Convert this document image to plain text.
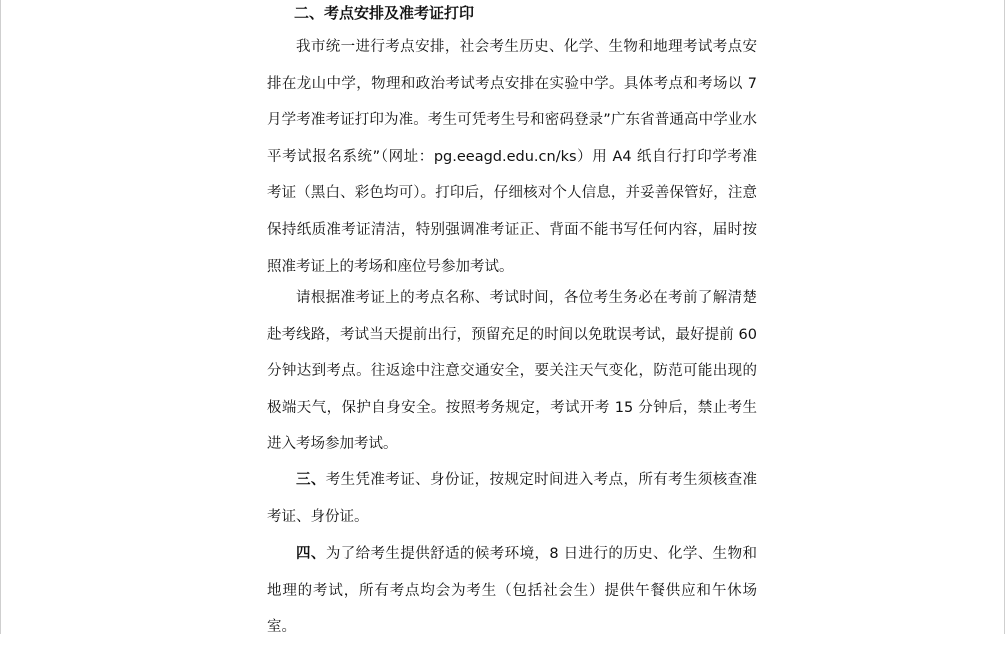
二、考点安排及准考证打印

我市统一进行考点安排，社会考生历史、化学、生物和地理考试考点安排在龙山中学，物理和政治考试考点安排在实验中学。具体考点和考场以 7 月学考准考证打印为准。考生可凭考生号和密码登录”广东省普通高中学业水平考试报名系统”（网址：pg.eeagd.edu.cn/ks）用 A4 纸自行打印学考准考证（黑白、彩色均可）。打印后，仔细核对个人信息，并妥善保管好，注意保持纸质准考证清洁，特别强调准考证正、背面不能书写任何内容，届时按照准考证上的考场和座位号参加考试。

请根据准考证上的考点名称、考试时间，各位考生务必在考前了解清楚赴考线路，考试当天提前出行，预留充足的时间以免耽误考试，最好提前 60 分钟达到考点。往返途中注意交通安全，要关注天气变化，防范可能出现的极端天气，保护自身安全。按照考务规定，考试开考 15 分钟后，禁止考生进入考场参加考试。

三、考生凭准考证、身份证，按规定时间进入考点，所有考生须核查准考证、身份证。

四、为了给考生提供舒适的候考环境，8 日进行的历史、化学、生物和地理的考试，所有考点均会为考生（包括社会生）提供午餐供应和午休场室。
